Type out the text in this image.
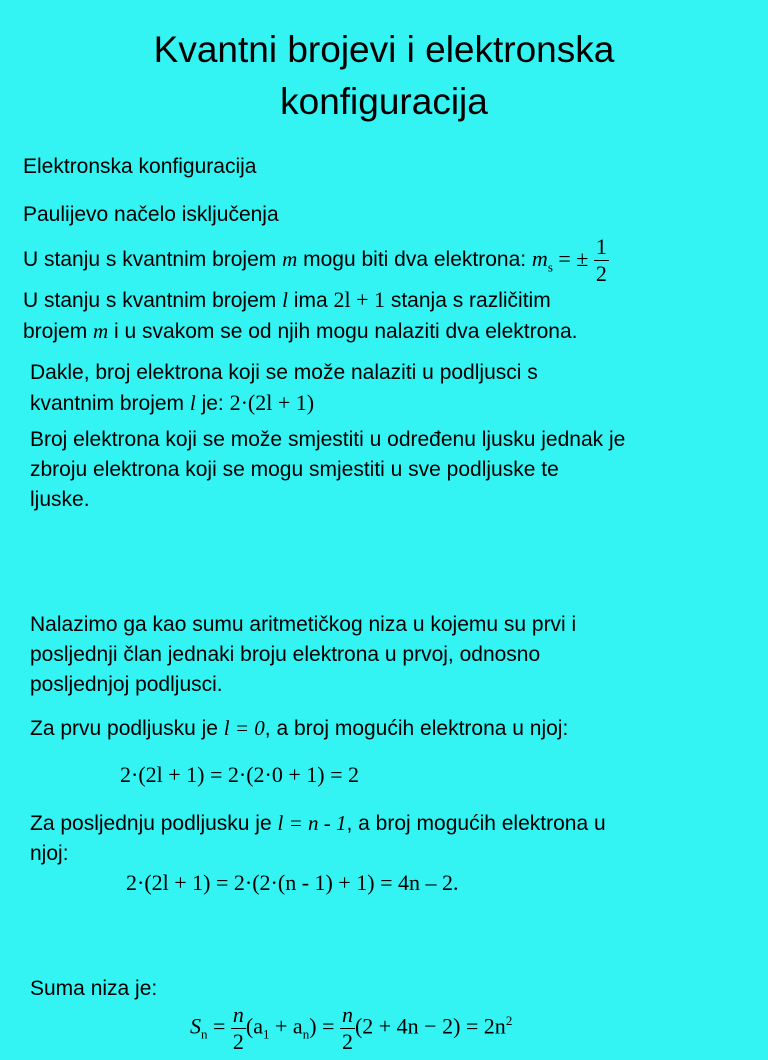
Kvantni brojevi i elektronska
konfiguracija
Elektronska konfiguracija
Paulijevo načelo isključenja
U stanju s kvantnim brojem m mogu biti dva elektrona: $m_s$ = ± $\frac{1}{2}$
U stanju s kvantnim brojem l ima 2l + 1 stanja s različitim
brojem m i u svakom se od njih mogu nalaziti dva elektrona.
Dakle, broj elektrona koji se može nalaziti u podljusci s
kvantnim brojem l je: 2·(2l + 1)
Broj elektrona koji se može smjestiti u određenu ljusku jednak je
zbroju elektrona koji se mogu smjestiti u sve podljuske te
ljuske.
Nalazimo ga kao sumu aritmetičkog niza u kojemu su prvi i
posljednji član jednaki broju elektrona u prvoj, odnosno
posljednjoj podljusci.
Za prvu podljusku je l = 0, a broj mogućih elektrona u njoj:
2·(2l + 1) = 2·(2·0 + 1) = 2
Za posljednju podljusku je l = n - 1, a broj mogućih elektrona u
njoj:
2·(2l + 1) = 2·(2·(n - 1) + 1) = 4n – 2.
Suma niza je:
$S_n = \frac{n}{2} (a_1 + a_n) = \frac{n}{2} (2 + 4n - 2) = 2n^2$
